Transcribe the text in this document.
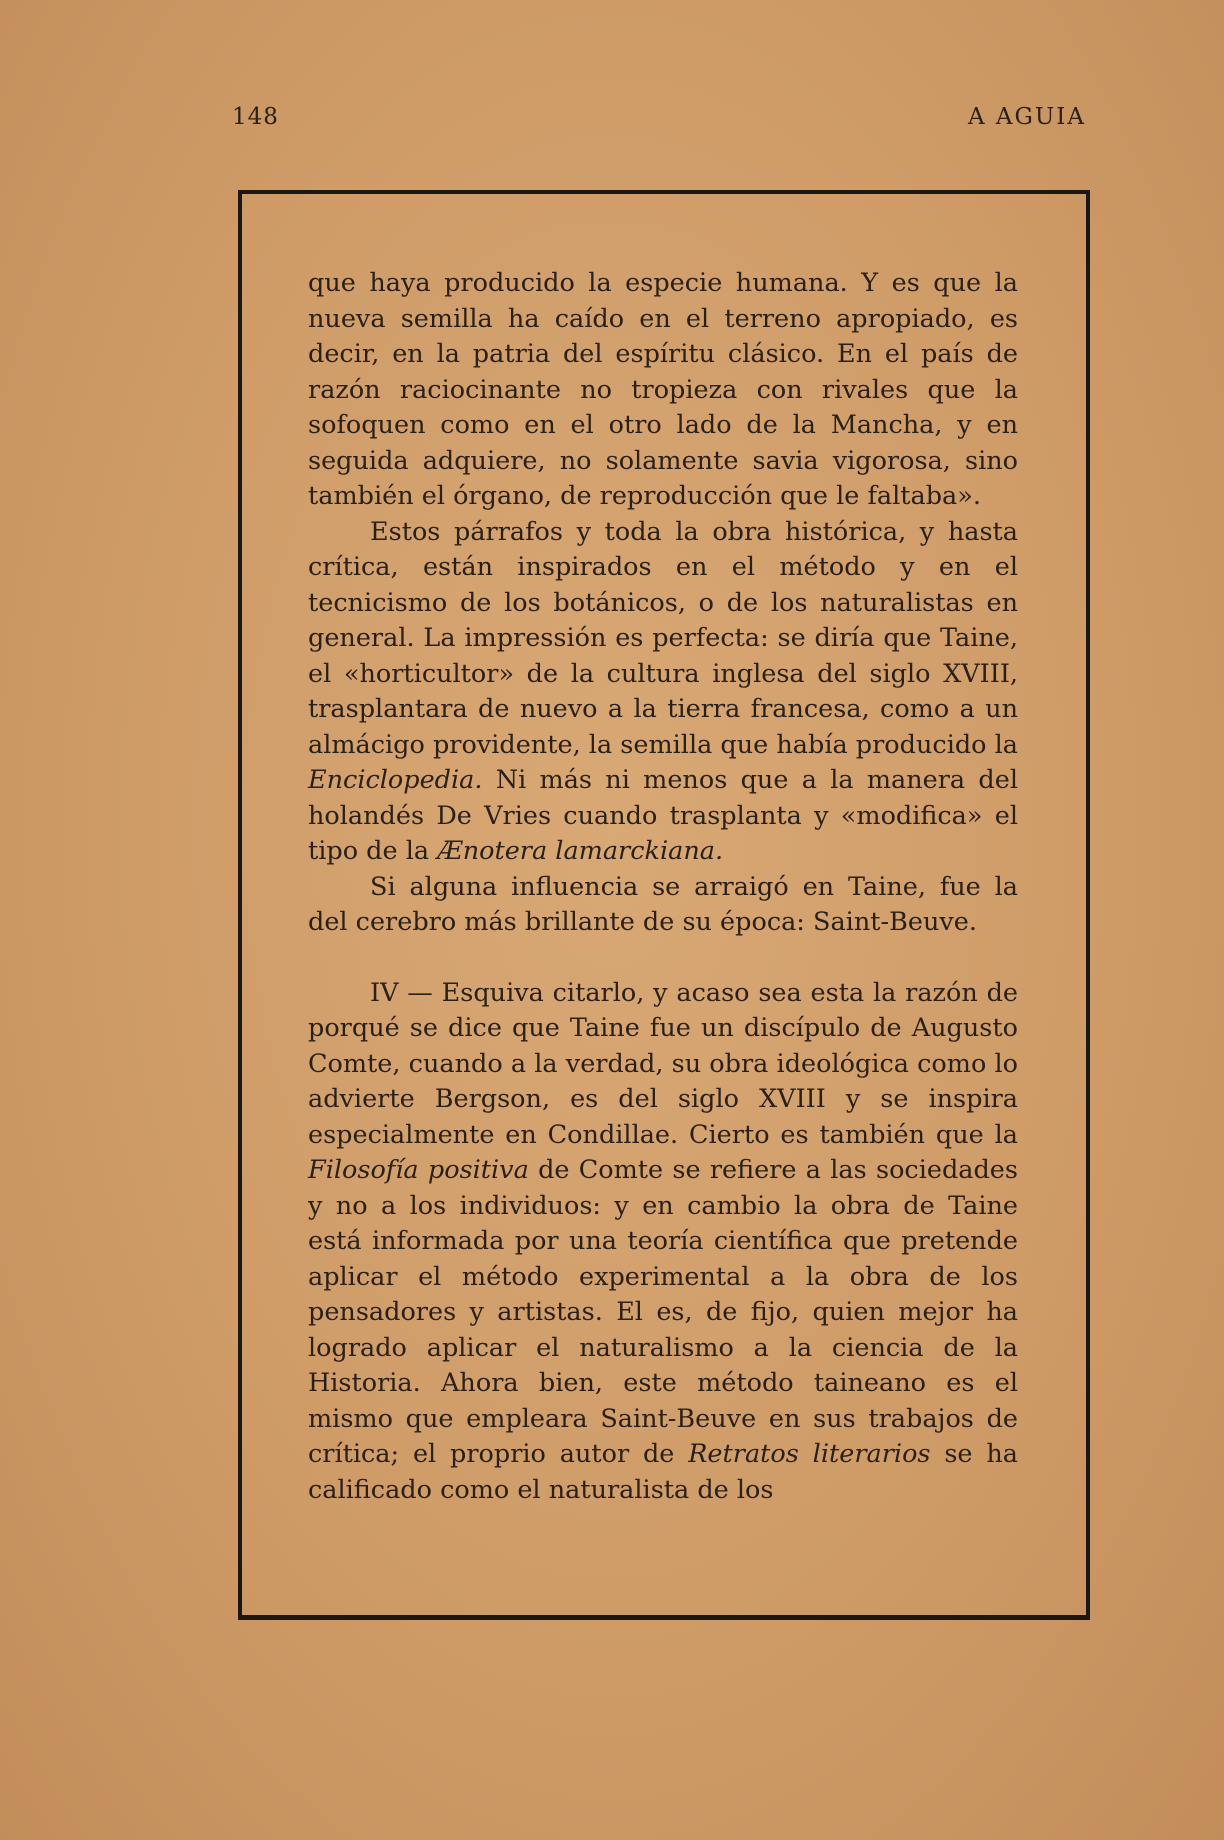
148	A AGUIA

que haya producido la especie humana. Y es que la nueva semilla ha caído en el terreno apropiado, es decir, en la patria del espíritu clásico. En el país de razón raciocinante no tropieza con rivales que la sofoquen como en el otro lado de la Mancha, y en seguida adquiere, no solamente savia vigorosa, sino también el órgano, de reproducción que le faltaba».

Estos párrafos y toda la obra histórica, y hasta crítica, están inspirados en el método y en el tecnicismo de los botánicos, o de los naturalistas en general. La impressión es perfecta: se diría que Taine, el «horticultor» de la cultura inglesa del siglo XVIII, trasplantara de nuevo a la tierra francesa, como a un almácigo providente, la semilla que había producido la Enciclopedia. Ni más ni menos que a la manera del holandés De Vries cuando trasplanta y «modifica» el tipo de la Ænotera lamarckiana.

Si alguna influencia se arraigó en Taine, fue la del cerebro más brillante de su época: Saint-Beuve.

IV — Esquiva citarlo, y acaso sea esta la razón de porqué se dice que Taine fue un discípulo de Augusto Comte, cuando a la verdad, su obra ideológica como lo advierte Bergson, es del siglo XVIII y se inspira especialmente en Condillae. Cierto es también que la Filosofía positiva de Comte se refiere a las sociedades y no a los individuos: y en cambio la obra de Taine está informada por una teoría científica que pretende aplicar el método experimental a la obra de los pensadores y artistas. El es, de fijo, quien mejor ha logrado aplicar el naturalismo a la ciencia de la Historia. Ahora bien, este método taineano es el mismo que empleara Saint-Beuve en sus trabajos de crítica; el proprio autor de Retratos literarios se ha calificado como el naturalista de los
